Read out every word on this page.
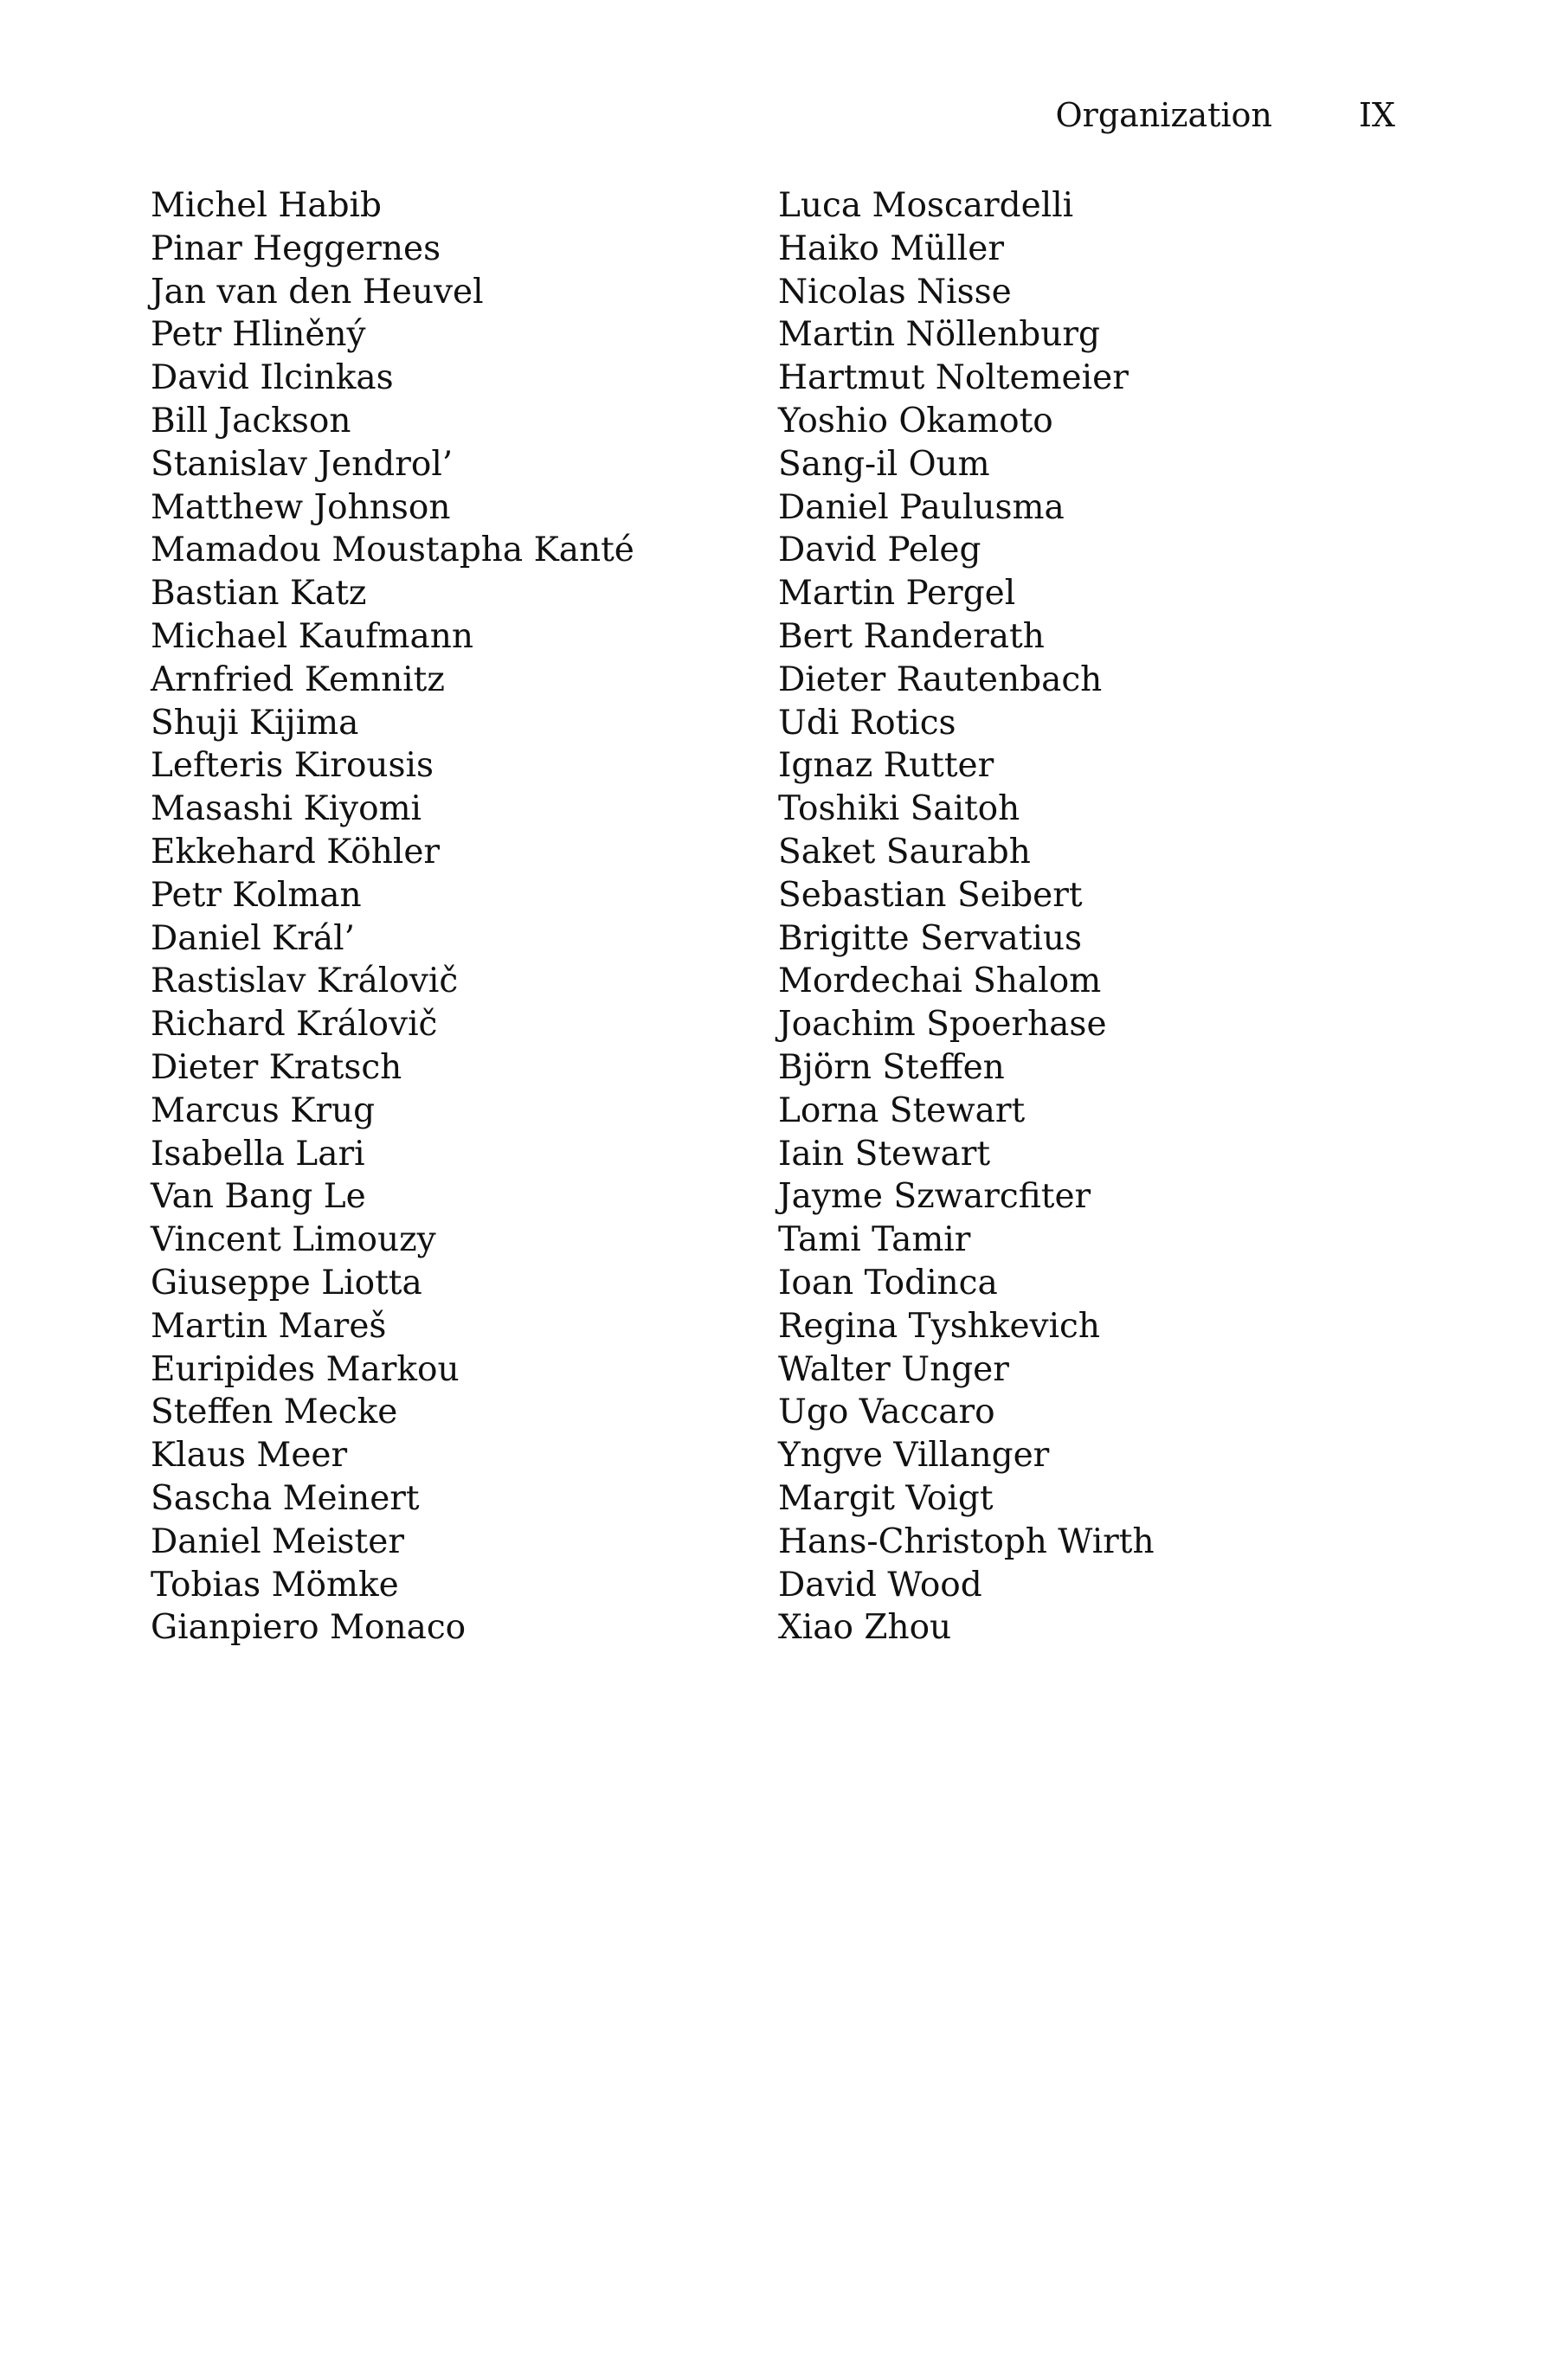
Organization	IX
Michel Habib
Pinar Heggernes
Jan van den Heuvel
Petr Hliněný
David Ilcinkas
Bill Jackson
Stanislav Jendrol’
Matthew Johnson
Mamadou Moustapha Kanté
Bastian Katz
Michael Kaufmann
Arnfried Kemnitz
Shuji Kijima
Lefteris Kirousis
Masashi Kiyomi
Ekkehard Köhler
Petr Kolman
Daniel Král’
Rastislav Královič
Richard Královič
Dieter Kratsch
Marcus Krug
Isabella Lari
Van Bang Le
Vincent Limouzy
Giuseppe Liotta
Martin Mareš
Euripides Markou
Steffen Mecke
Klaus Meer
Sascha Meinert
Daniel Meister
Tobias Mömke
Gianpiero Monaco
Luca Moscardelli
Haiko Müller
Nicolas Nisse
Martin Nöllenburg
Hartmut Noltemeier
Yoshio Okamoto
Sang-il Oum
Daniel Paulusma
David Peleg
Martin Pergel
Bert Randerath
Dieter Rautenbach
Udi Rotics
Ignaz Rutter
Toshiki Saitoh
Saket Saurabh
Sebastian Seibert
Brigitte Servatius
Mordechai Shalom
Joachim Spoerhase
Björn Steffen
Lorna Stewart
Iain Stewart
Jayme Szwarcfiter
Tami Tamir
Ioan Todinca
Regina Tyshkevich
Walter Unger
Ugo Vaccaro
Yngve Villanger
Margit Voigt
Hans-Christoph Wirth
David Wood
Xiao Zhou
